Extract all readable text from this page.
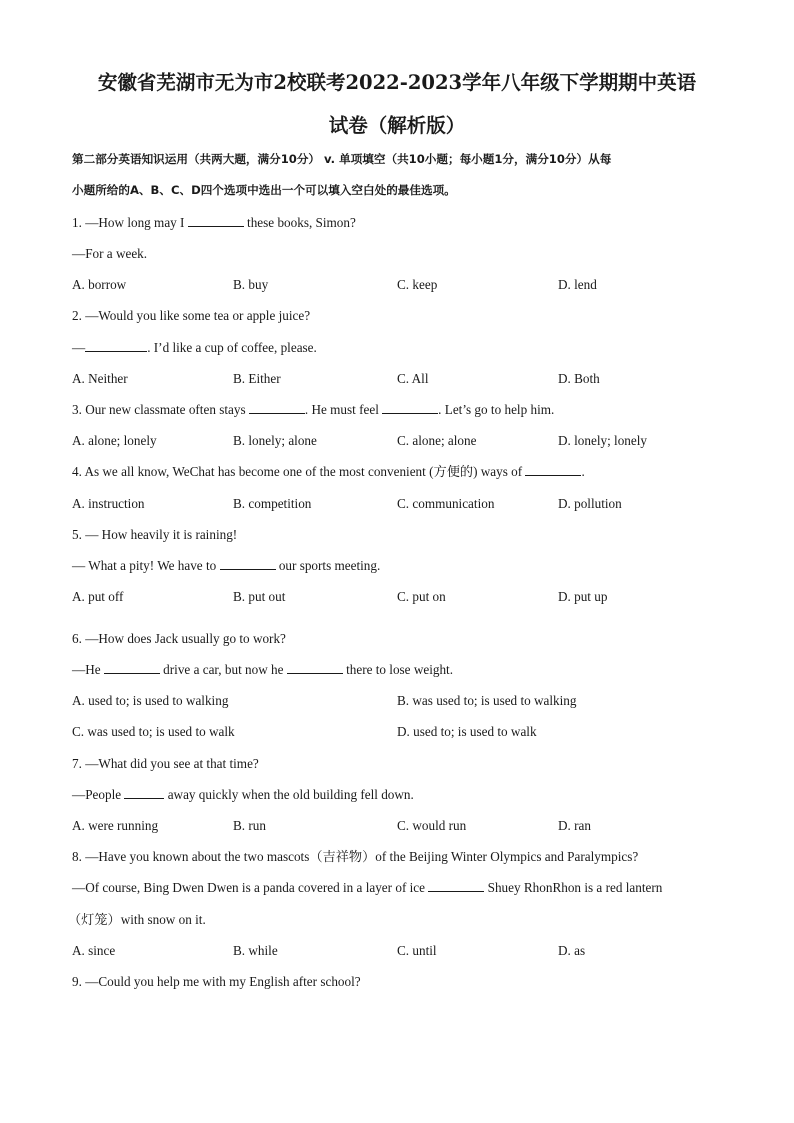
安徽省芜湖市无为市2校联考2022-2023学年八年级下学期期中英语
试卷（解析版）
第二部分英语知识运用（共两大题，满分10分） v. 单项填空（共10小题；每小题1分，满分10分）从每
小题所给的A、B、C、D四个选项中选出一个可以填入空白处的最佳选项。
1. —How long may I	these books, Simon?
—For a week.
A. borrow	B. buy	C. keep	D. lend
2. —Would you like some tea or apple juice?
—	. I’d like a cup of coffee, please.
A. Neither	B. Either	C. All	D. Both
3. Our new classmate often stays	. He must feel	. Let’s go to help him.
A. alone; lonely	B. lonely; alone	C. alone; alone	D. lonely; lonely
4. As we all know, WeChat has become one of the most convenient (方便的) ways of	.
A. instruction	B. competition	C. communication	D. pollution
5. — How heavily it is raining!
— What a pity! We have to	our sports meeting.
A. put off	B. put out	C. put on	D. put up
6. —How does Jack usually go to work?
—He	drive a car, but now he	there to lose weight.
A. used to; is used to walking	B. was used to; is used to walking
C. was used to; is used to walk	D. used to; is used to walk
7. —What did you see at that time?
—People	away quickly when the old building fell down.
A. were running	B. run	C. would run	D. ran
8. —Have you known about the two mascots（吉祥物）of the Beijing Winter Olympics and Paralympics?
—Of course, Bing Dwen Dwen is a panda covered in a layer of ice	Shuey RhonRhon is a red lantern
（灯笼）with snow on it.
A. since	B. while	C. until	D. as
9. —Could you help me with my English after school?
